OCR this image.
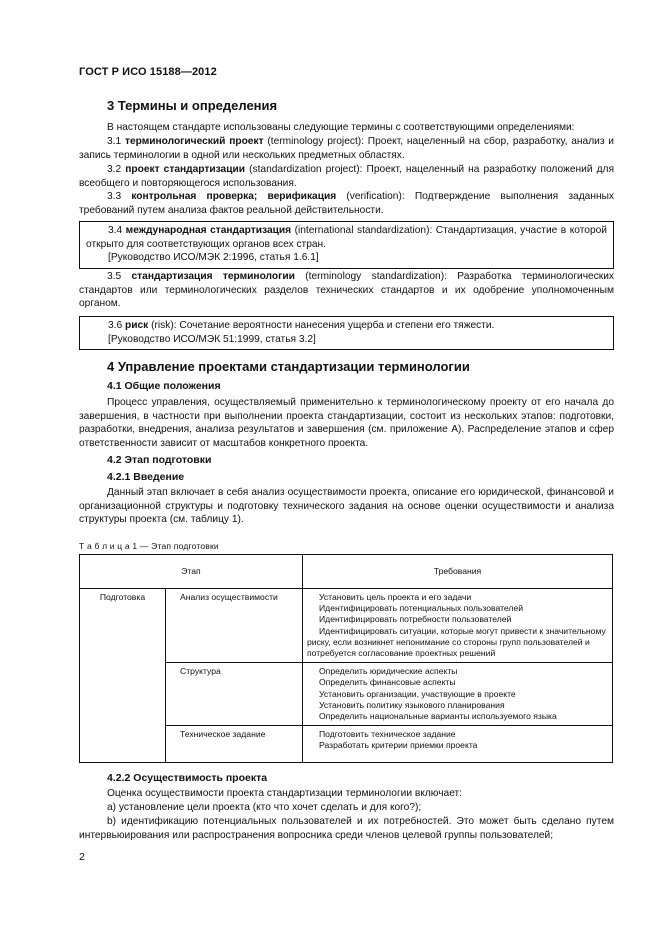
ГОСТ Р ИСО 15188—2012
3 Термины и определения
В настоящем стандарте использованы следующие термины с соответствующими определениями:
3.1 терминологический проект (terminology project): Проект, нацеленный на сбор, разработку, анализ и запись терминологии в одной или нескольких предметных областях.
3.2 проект стандартизации (standardization project): Проект, нацеленный на разработку положений для всеобщего и повторяющегося использования.
3.3 контрольная проверка; верификация (verification): Подтверждение выполнения заданных требований путем анализа фактов реальной действительности.
3.4 международная стандартизация (international standardization): Стандартизация, участие в которой открыто для соответствующих органов всех стран.
[Руководство ИСО/МЭК 2:1996, статья 1.6.1]
3.5 стандартизация терминологии (terminology standardization): Разработка терминологических стандартов или терминологических разделов технических стандартов и их одобрение уполномоченным органом.
3.6 риск (risk): Сочетание вероятности нанесения ущерба и степени его тяжести.
[Руководство ИСО/МЭК 51:1999, статья 3.2]
4 Управление проектами стандартизации терминологии
4.1 Общие положения
Процесс управления, осуществляемый применительно к терминологическому проекту от его начала до завершения, в частности при выполнении проекта стандартизации, состоит из нескольких этапов: подготовки, разработки, внедрения, анализа результатов и завершения (см. приложение А). Распределение этапов и сфер ответственности зависит от масштабов конкретного проекта.
4.2 Этап подготовки
4.2.1 Введение
Данный этап включает в себя анализ осуществимости проекта, описание его юридической, финансовой и организационной структуры и подготовку технического задания на основе оценки осуществимости и анализа структуры проекта (см. таблицу 1).
Т а б л и ц а 1 — Этап подготовки
Этап		Требования
Подготовка	Анализ осуществимости	Установить цель проекта и его задачи
Идентифицировать потенциальных пользователей
Идентифицировать потребности пользователей
Идентифицировать ситуации, которые могут привести к значительному риску, если возникнет непонимание со стороны групп пользователей и потребуется согласование проектных решений

	Структура	Определить юридические аспекты
Определить финансовые аспекты
Установить организации, участвующие в проекте
Установить политику языкового планирования
Определить национальные варианты используемого языка

	Техническое задание	Подготовить техническое задание
Разработать критерии приемки проекта
4.2.2 Осуществимость проекта
Оценка осуществимости проекта стандартизации терминологии включает:
а) установление цели проекта (кто что хочет сделать и для кого?);
b) идентификацию потенциальных пользователей и их потребностей. Это может быть сделано путем интервьюирования или распространения вопросника среди членов целевой группы пользователей;
2
